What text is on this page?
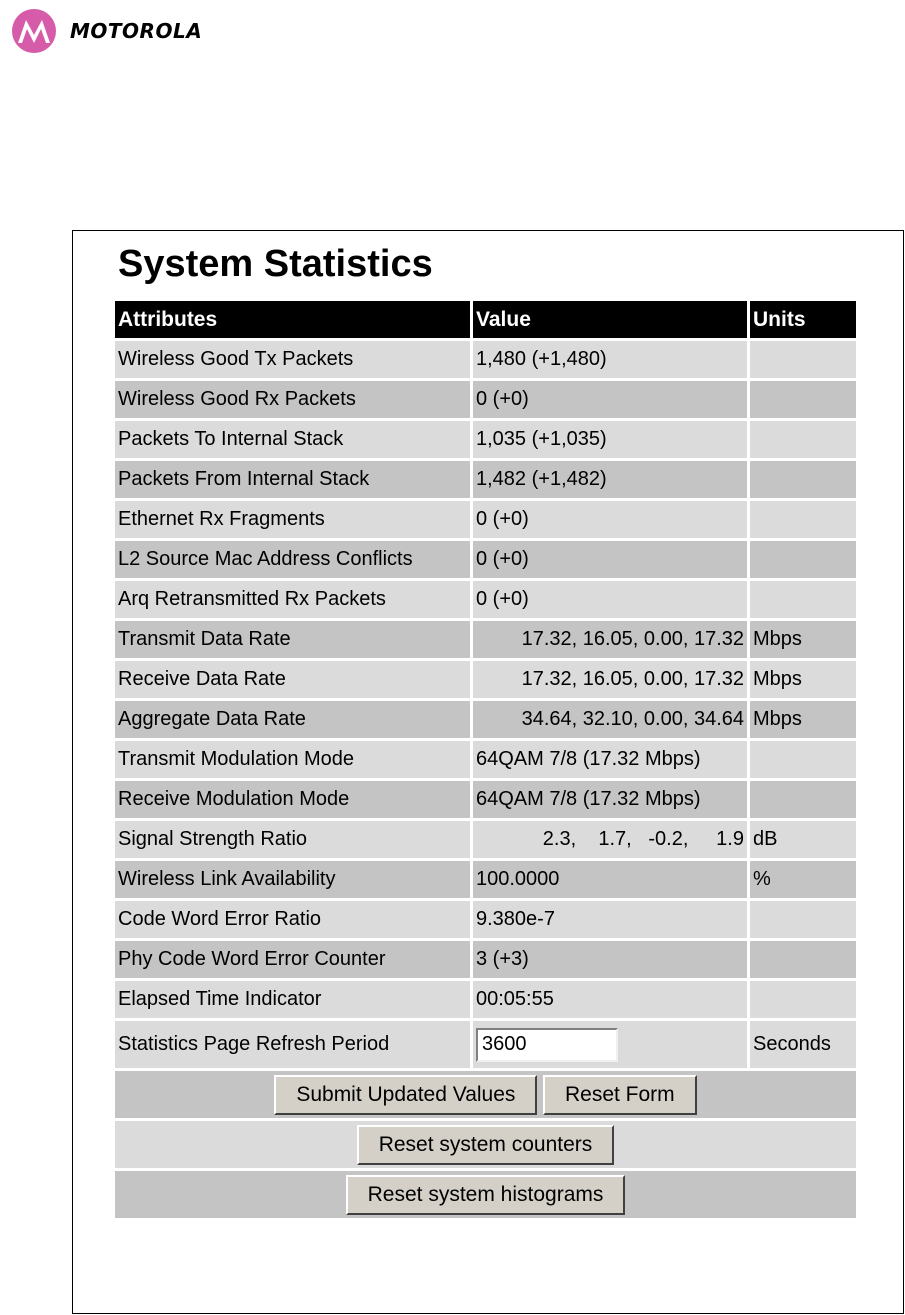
MOTOROLA
System Statistics
Attributes	Value	Units
Wireless Good Tx Packets	1,480 (+1,480)	
Wireless Good Rx Packets	0 (+0)	
Packets To Internal Stack	1,035 (+1,035)	
Packets From Internal Stack	1,482 (+1,482)	
Ethernet Rx Fragments	0 (+0)	
L2 Source Mac Address Conflicts	0 (+0)	
Arq Retransmitted Rx Packets	0 (+0)	
Transmit Data Rate	17.32, 16.05, 0.00, 17.32	Mbps
Receive Data Rate	17.32, 16.05, 0.00, 17.32	Mbps
Aggregate Data Rate	34.64, 32.10, 0.00, 34.64	Mbps
Transmit Modulation Mode	64QAM 7/8 (17.32 Mbps)	
Receive Modulation Mode	64QAM 7/8 (17.32 Mbps)	
Signal Strength Ratio	2.3,    1.7,   -0.2,     1.9	dB
Wireless Link Availability	100.0000	%
Code Word Error Ratio	9.380e-7	
Phy Code Word Error Counter	3 (+3)	
Elapsed Time Indicator	00:05:55	
Statistics Page Refresh Period	3600	Seconds
Submit Updated Values Reset Form		
Reset system counters		
Reset system histograms		
